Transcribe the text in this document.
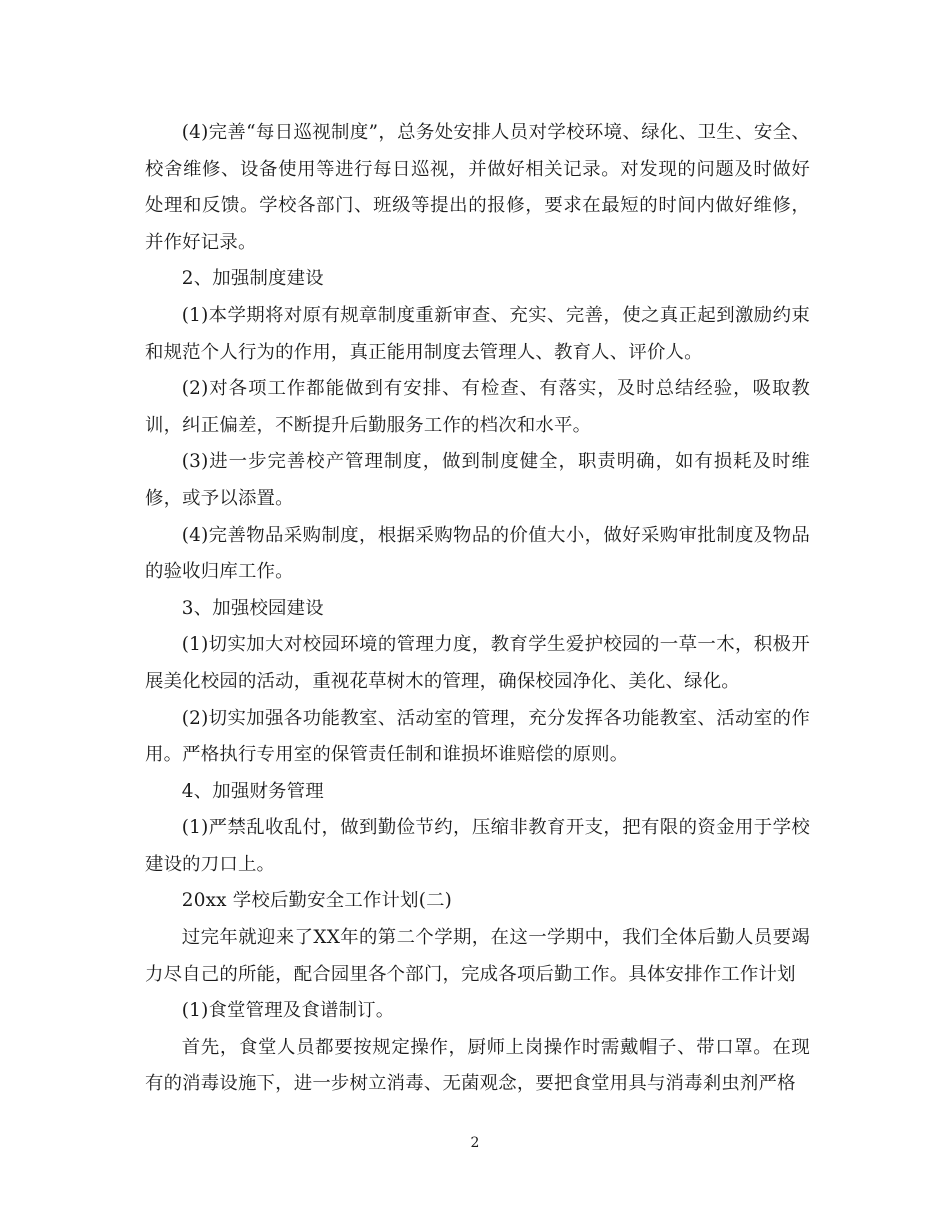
(4)完善“每日巡视制度”，总务处安排人员对学校环境、绿化、卫生、安全、校舍维修、设备使用等进行每日巡视，并做好相关记录。对发现的问题及时做好处理和反馈。学校各部门、班级等提出的报修，要求在最短的时间内做好维修，并作好记录。

2、加强制度建设

(1)本学期将对原有规章制度重新审查、充实、完善，使之真正起到激励约束和规范个人行为的作用，真正能用制度去管理人、教育人、评价人。

(2)对各项工作都能做到有安排、有检查、有落实，及时总结经验，吸取教训，纠正偏差，不断提升后勤服务工作的档次和水平。

(3)进一步完善校产管理制度，做到制度健全，职责明确，如有损耗及时维修，或予以添置。

(4)完善物品采购制度，根据采购物品的价值大小，做好采购审批制度及物品的验收归库工作。

3、加强校园建设

(1)切实加大对校园环境的管理力度，教育学生爱护校园的一草一木，积极开展美化校园的活动，重视花草树木的管理，确保校园净化、美化、绿化。

(2)切实加强各功能教室、活动室的管理，充分发挥各功能教室、活动室的作用。严格执行专用室的保管责任制和谁损坏谁赔偿的原则。

4、加强财务管理

(1)严禁乱收乱付，做到勤俭节约，压缩非教育开支，把有限的资金用于学校建设的刀口上。

20xx 学校后勤安全工作计划(二)

过完年就迎来了XX年的第二个学期，在这一学期中，我们全体后勤人员要竭力尽自己的所能，配合园里各个部门，完成各项后勤工作。具体安排作工作计划

(1)食堂管理及食谱制订。

首先，食堂人员都要按规定操作，厨师上岗操作时需戴帽子、带口罩。在现有的消毒设施下，进一步树立消毒、无菌观念，要把食堂用具与消毒剎虫剂严格

2
